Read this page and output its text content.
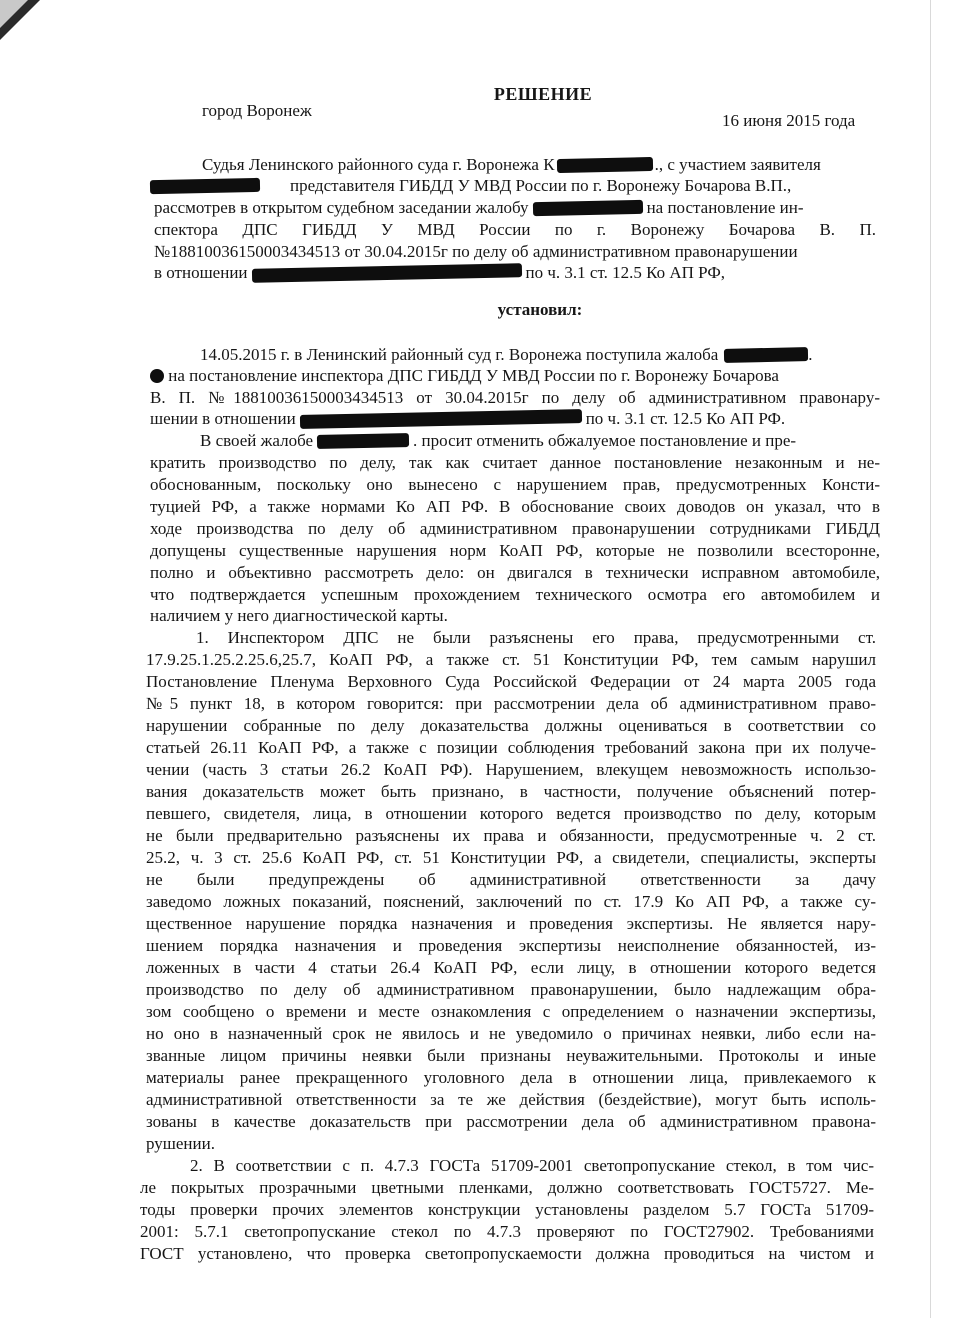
РЕШЕНИЕ
город Воронеж
16 июня 2015 года
Судья Ленинского районного суда г. Воронежа К	., с участием заявителя
представителя ГИБДД У МВД России по г. Воронежу Бочарова В.П.,
рассмотрев в открытом судебном заседании жалобу	на постановление ин-
спектора ДПС ГИБДД У МВД России по г. Воронежу Бочарова В. П.
№18810036150003434513 от 30.04.2015г по делу об административном правонарушении
в отношении	по ч. 3.1 ст. 12.5 Ко АП РФ,
установил:
14.05.2015 г. в Ленинский районный суд г. Воронежа поступила жалоба	.
на постановление инспектора ДПС ГИБДД У МВД России по г. Воронежу Бочарова
В. П. №18810036150003434513 от 30.04.2015г по делу об административном правонару-
шении в отношении	по ч. 3.1 ст. 12.5 Ко АП РФ.
В своей жалобе	. просит отменить обжалуемое постановление и пре-
кратить производство по делу, так как считает данное постановление незаконным и не-
обоснованным, поскольку оно вынесено с нарушением прав, предусмотренных Консти-
туцией РФ, а также нормами Ко АП РФ. В обоснование своих доводов он указал, что в
ходе производства по делу об административном правонарушении сотрудниками ГИБДД
допущены существенные нарушения норм КоАП РФ, которые не позволили всесторонне,
полно и объективно рассмотреть дело: он двигался в технически исправном автомобиле,
что подтверждается успешным прохождением технического осмотра его автомобилем и
наличием у него диагностической карты.
1. Инспектором ДПС не были разъяснены его права, предусмотренными ст.
17.9.25.1.25.2.25.6,25.7, КоАП РФ, а также ст. 51 Конституции РФ, тем самым нарушил
Постановление Пленума Верховного Суда Российской Федерации от 24 марта 2005 года
№5 пункт 18, в котором говорится: при рассмотрении дела об административном право-
нарушении собранные по делу доказательства должны оцениваться в соответствии со
статьей 26.11 КоАП РФ, а также с позиции соблюдения требований закона при их получе-
чении (часть 3 статьи 26.2 КоАП РФ). Нарушением, влекущем невозможность использо-
вания доказательств может быть признано, в частности, получение объяснений потер-
певшего, свидетеля, лица, в отношении которого ведется производство по делу, которым
не были предварительно разъяснены их права и обязанности, предусмотренные ч. 2 ст.
25.2, ч. 3 ст. 25.6 КоАП РФ, ст. 51 Конституции РФ, а свидетели, специалисты, эксперты
не были предупреждены об административной ответственности за дачу
заведомо ложных показаний, пояснений, заключений по ст. 17.9 Ко АП РФ, а также су-
щественное нарушение порядка назначения и проведения экспертизы. Не является нару-
шением порядка назначения и проведения экспертизы неисполнение обязанностей, из-
ложенных в части 4 статьи 26.4 КоАП РФ, если лицу, в отношении которого ведется
производство по делу об административном правонарушении, было надлежащим обра-
зом сообщено о времени и месте ознакомления с определением о назначении экспертизы,
но оно в назначенный срок не явилось и не уведомило о причинах неявки, либо если на-
званные лицом причины неявки были признаны неуважительными. Протоколы и иные
материалы ранее прекращенного уголовного дела в отношении лица, привлекаемого к
административной ответственности за те же действия (бездействие), могут быть исполь-
зованы в качестве доказательств при рассмотрении дела об административном правона-
рушении.
2. В соответствии с п. 4.7.3 ГОСТа 51709-2001 светопропускание стекол, в том чис-
ле покрытых прозрачными цветными пленками, должно соответствовать ГОСТ5727. Ме-
тоды проверки прочих элементов конструкции установлены разделом 5.7 ГОСТа 51709-
2001: 5.7.1 светопропускание стекол по 4.7.3 проверяют по ГОСТ27902. Требованиями
ГОСТ установлено, что проверка светопропускаемости должна проводиться на чистом и
